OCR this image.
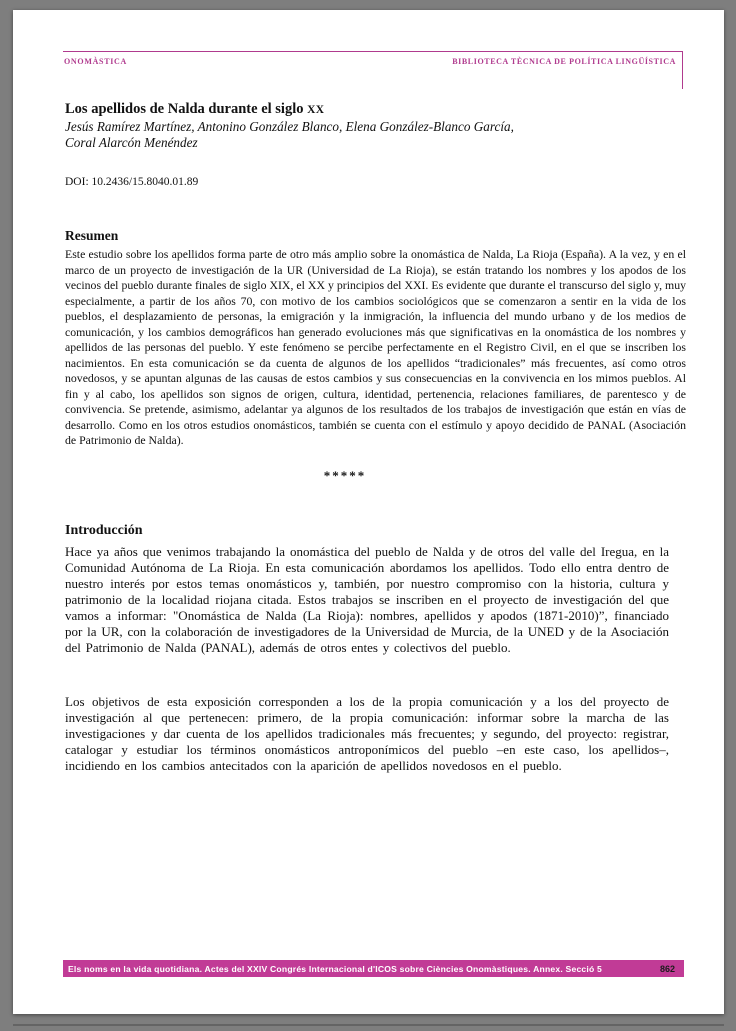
ONOMÀSTICA	BIBLIOTECA TÈCNICA DE POLÍTICA LINGÜÍSTICA
Los apellidos de Nalda durante el siglo XX
Jesús Ramírez Martínez, Antonino González Blanco, Elena González-Blanco García,
Coral Alarcón Menéndez
DOI: 10.2436/15.8040.01.89
Resumen
Este estudio sobre los apellidos forma parte de otro más amplio sobre la onomástica de Nalda, La Rioja (España). A la vez, y en el marco de un proyecto de investigación de la UR (Universidad de La Rioja), se están tratando los nombres y los apodos de los vecinos del pueblo durante finales de siglo XIX, el XX y principios del XXI. Es evidente que durante el transcurso del siglo y, muy especialmente, a partir de los años 70, con motivo de los cambios sociológicos que se comenzaron a sentir en la vida de los pueblos, el desplazamiento de personas, la emigración y la inmigración, la influencia del mundo urbano y de los medios de comunicación, y los cambios demográficos han generado evoluciones más que significativas en la onomástica de los nombres y apellidos de las personas del pueblo. Y este fenómeno se percibe perfectamente en el Registro Civil, en el que se inscriben los nacimientos. En esta comunicación se da cuenta de algunos de los apellidos “tradicionales” más frecuentes, así como otros novedosos, y se apuntan algunas de las causas de estos cambios y sus consecuencias en la convivencia en los mimos pueblos. Al fin y al cabo, los apellidos son signos de origen, cultura, identidad, pertenencia, relaciones familiares, de parentesco y de convivencia. Se pretende, asimismo, adelantar ya algunos de los resultados de los trabajos de investigación que están en vías de desarrollo. Como en los otros estudios onomásticos, también se cuenta con el estímulo y apoyo decidido de PANAL (Asociación de Patrimonio de Nalda).
*****
Introducción
Hace ya años que venimos trabajando la onomástica del pueblo de Nalda y de otros del valle del Iregua, en la Comunidad Autónoma de La Rioja. En esta comunicación abordamos los apellidos. Todo ello entra dentro de nuestro interés por estos temas onomásticos y, también, por nuestro compromiso con la historia, cultura y patrimonio de la localidad riojana citada. Estos trabajos se inscriben en el proyecto de investigación del que vamos a informar: "Onomástica de Nalda (La Rioja): nombres, apellidos y apodos (1871-2010)”, financiado por la UR, con la colaboración de investigadores de la Universidad de Murcia, de la UNED y de la Asociación del Patrimonio de Nalda (PANAL), además de otros entes y colectivos del pueblo.
Los objetivos de esta exposición corresponden a los de la propia comunicación y a los del proyecto de investigación al que pertenecen: primero, de la propia comunicación: informar sobre la marcha de las investigaciones y dar cuenta de los apellidos tradicionales más frecuentes; y segundo, del proyecto: registrar, catalogar y estudiar los términos onomásticos antroponímicos del pueblo –en este caso, los apellidos–, incidiendo en los cambios antecitados con la aparición de apellidos novedosos en el pueblo.
Els noms en la vida quotidiana. Actes del XXIV Congrés Internacional d'ICOS sobre Ciències Onomàstiques. Annex. Secció 5	862
